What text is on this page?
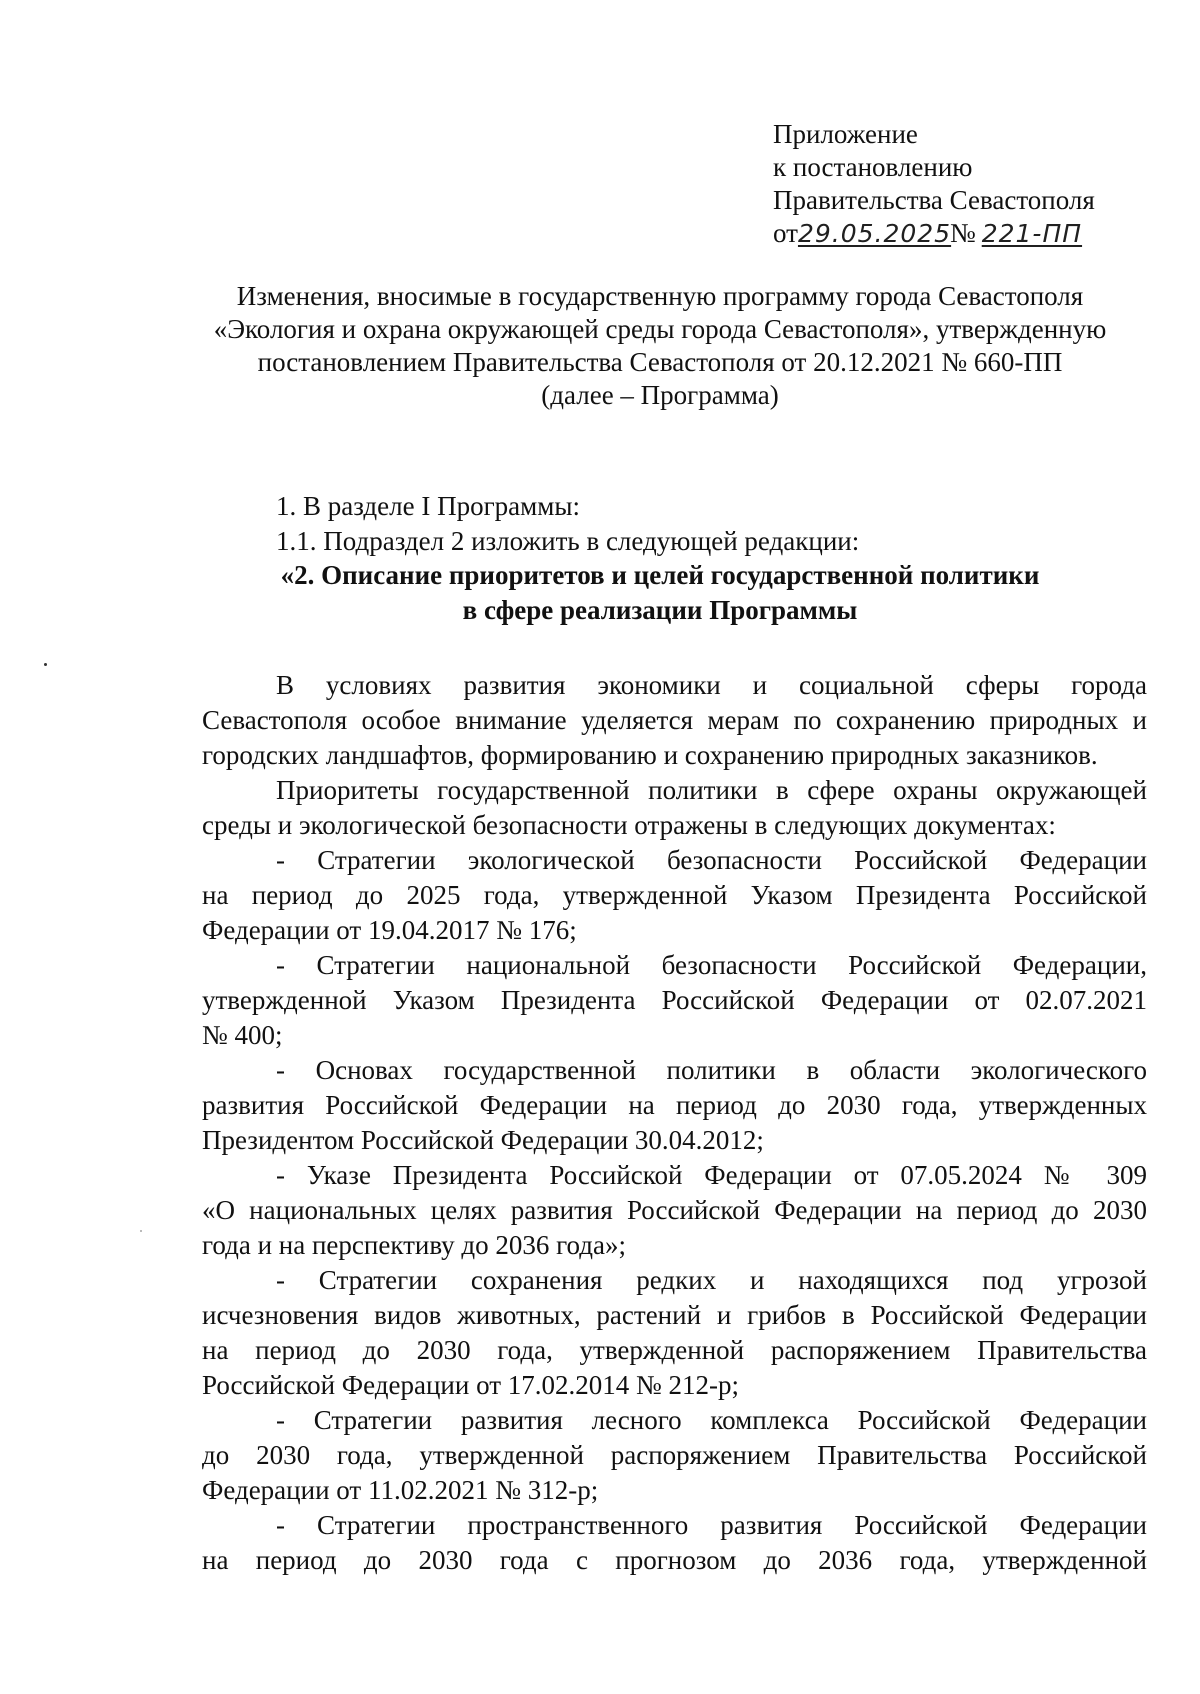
Приложение
к постановлению
Правительства Севастополя
от 29.05.2025
№ 221-ПП
Изменения, вносимые в государственную программу города Севастополя
«Экология и охрана окружающей среды города Севастополя», утвержденную
постановлением Правительства Севастополя от 20.12.2021 № 660-ПП
(далее – Программа)
1. В разделе I Программы:
1.1. Подраздел 2 изложить в следующей редакции:
«2. Описание приоритетов и целей государственной политики
в сфере реализации Программы
В условиях развития экономики и социальной сферы города
Севастополя особое внимание уделяется мерам по сохранению природных и
городских ландшафтов, формированию и сохранению природных заказников.
Приоритеты государственной политики в сфере охраны окружающей
среды и экологической безопасности отражены в следующих документах:
- Стратегии экологической безопасности Российской Федерации
на период до 2025 года, утвержденной Указом Президента Российской
Федерации от 19.04.2017 № 176;
- Стратегии национальной безопасности Российской Федерации,
утвержденной Указом Президента Российской Федерации от 02.07.2021
№ 400;
- Основах государственной политики в области экологического
развития Российской Федерации на период до 2030 года, утвержденных
Президентом Российской Федерации 30.04.2012;
- Указе Президента Российской Федерации от 07.05.2024 № 309
«О национальных целях развития Российской Федерации на период до 2030
года и на перспективу до 2036 года»;
- Стратегии сохранения редких и находящихся под угрозой
исчезновения видов животных, растений и грибов в Российской Федерации
на период до 2030 года, утвержденной распоряжением Правительства
Российской Федерации от 17.02.2014 № 212-р;
- Стратегии развития лесного комплекса Российской Федерации
до 2030 года, утвержденной распоряжением Правительства Российской
Федерации от 11.02.2021 № 312-р;
- Стратегии пространственного развития Российской Федерации
на период до 2030 года с прогнозом до 2036 года, утвержденной
